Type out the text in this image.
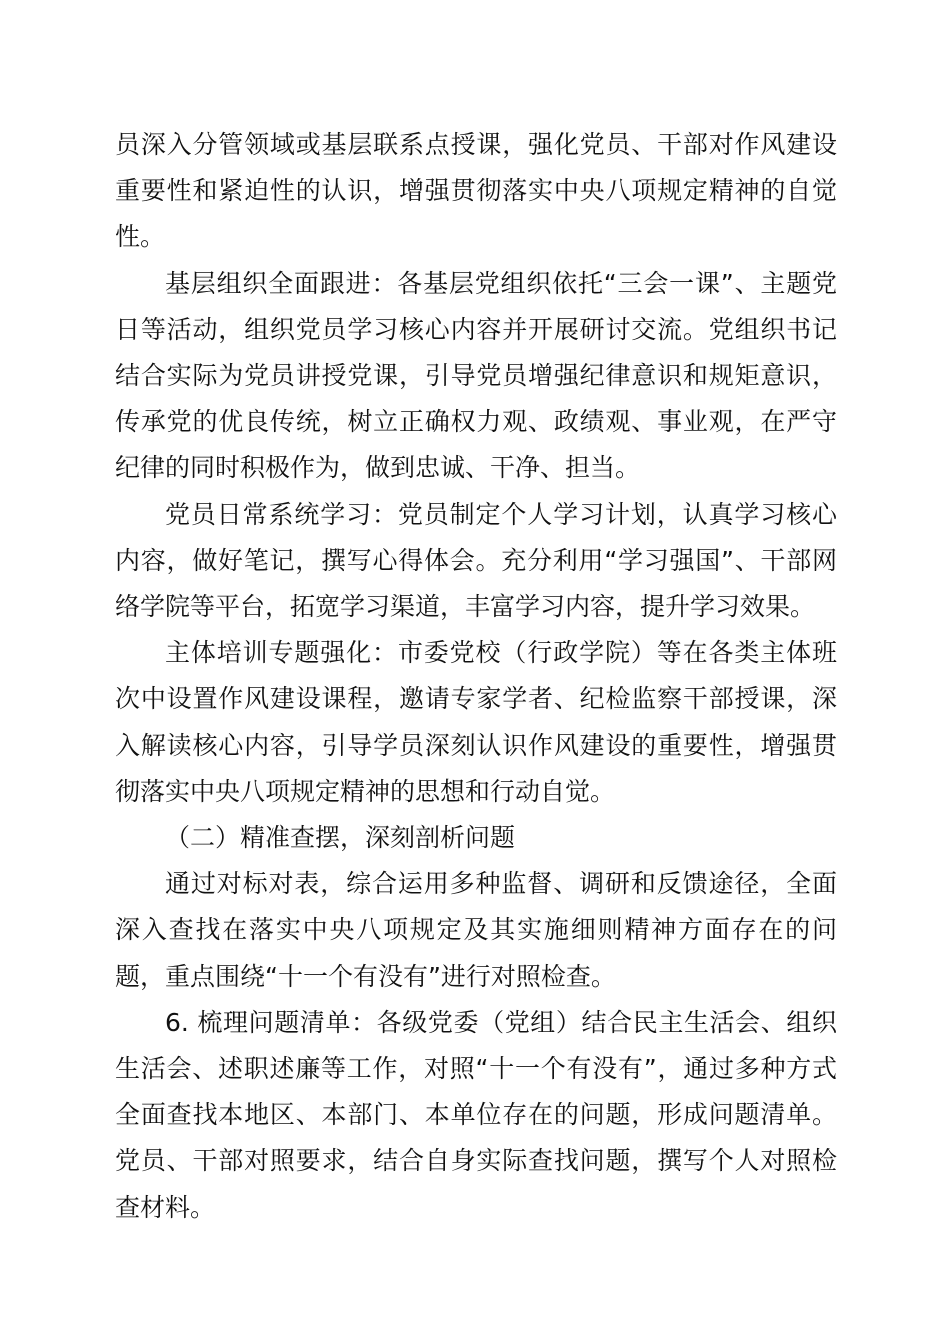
员深入分管领域或基层联系点授课，强化党员、干部对作风建设重要性和紧迫性的认识，增强贯彻落实中央八项规定精神的自觉性。

基层组织全面跟进：各基层党组织依托“三会一课”、主题党日等活动，组织党员学习核心内容并开展研讨交流。党组织书记结合实际为党员讲授党课，引导党员增强纪律意识和规矩意识，传承党的优良传统，树立正确权力观、政绩观、事业观，在严守纪律的同时积极作为，做到忠诚、干净、担当。

党员日常系统学习：党员制定个人学习计划，认真学习核心内容，做好笔记，撰写心得体会。充分利用“学习强国”、干部网络学院等平台，拓宽学习渠道，丰富学习内容，提升学习效果。

主体培训专题强化：市委党校（行政学院）等在各类主体班次中设置作风建设课程，邀请专家学者、纪检监察干部授课，深入解读核心内容，引导学员深刻认识作风建设的重要性，增强贯彻落实中央八项规定精神的思想和行动自觉。

（二）精准查摆，深刻剖析问题

通过对标对表，综合运用多种监督、调研和反馈途径，全面深入查找在落实中央八项规定及其实施细则精神方面存在的问题，重点围绕“十一个有没有”进行对照检查。

6. 梳理问题清单：各级党委（党组）结合民主生活会、组织生活会、述职述廉等工作，对照“十一个有没有”，通过多种方式全面查找本地区、本部门、本单位存在的问题，形成问题清单。党员、干部对照要求，结合自身实际查找问题，撰写个人对照检查材料。
